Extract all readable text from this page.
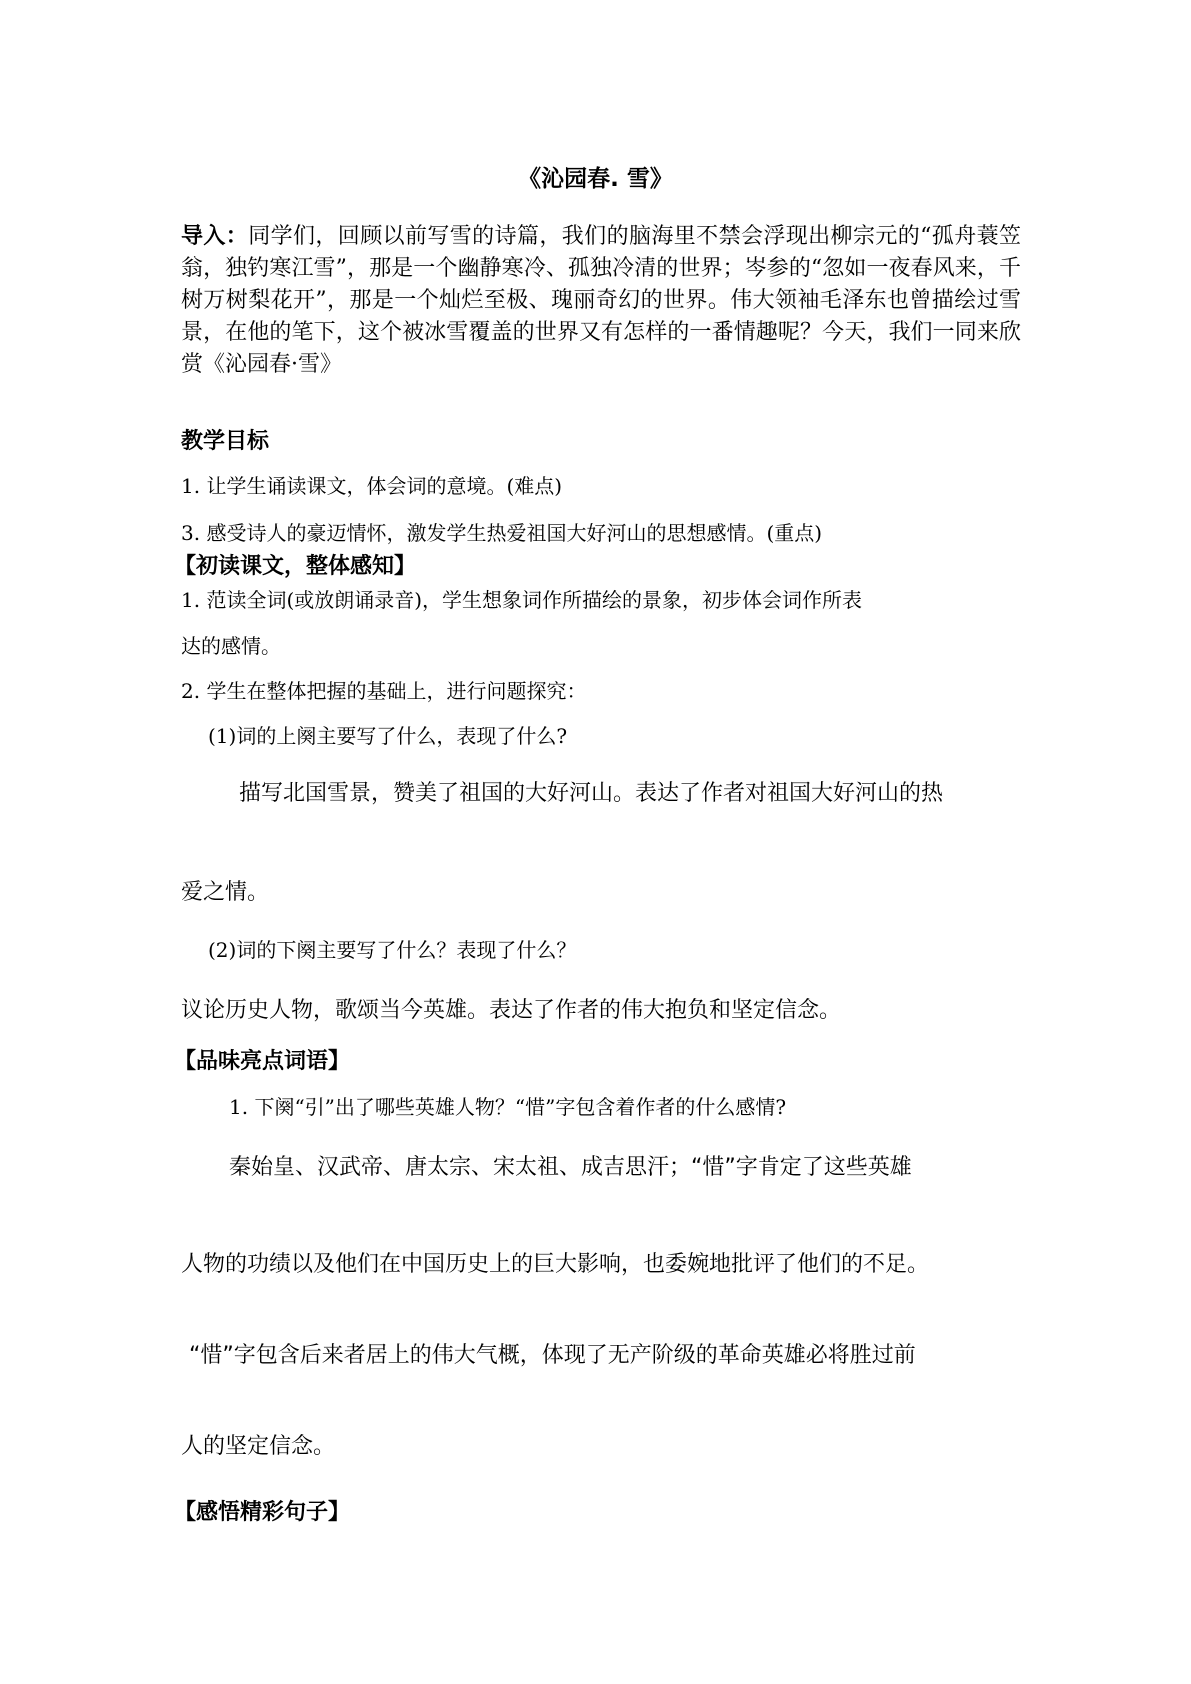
《沁园春. 雪》

导入：同学们，回顾以前写雪的诗篇，我们的脑海里不禁会浮现出柳宗元的“孤舟蓑笠翁，独钓寒江雪”，那是一个幽静寒冷、孤独冷清的世界；岑参的“忽如一夜春风来，千树万树梨花开”，那是一个灿烂至极、瑰丽奇幻的世界。伟大领袖毛泽东也曾描绘过雪景，在他的笔下，这个被冰雪覆盖的世界又有怎样的一番情趣呢？今天，我们一同来欣赏《沁园春·雪》

教学目标

1. 让学生诵读课文，体会词的意境。(难点)

3. 感受诗人的豪迈情怀，激发学生热爱祖国大好河山的思想感情。(重点)

【初读课文，整体感知】

1. 范读全词(或放朗诵录音)，学生想象词作所描绘的景象，初步体会词作所表

达的感情。

2. 学生在整体把握的基础上，进行问题探究：

(1)词的上阕主要写了什么，表现了什么?

描写北国雪景，赞美了祖国的大好河山。表达了作者对祖国大好河山的热

爱之情。

(2)词的下阕主要写了什么？表现了什么？

议论历史人物，歌颂当今英雄。表达了作者的伟大抱负和坚定信念。

【品味亮点词语】

1. 下阕“引”出了哪些英雄人物？“惜”字包含着作者的什么感情?

秦始皇、汉武帝、唐太宗、宋太祖、成吉思汗；“惜”字肯定了这些英雄

人物的功绩以及他们在中国历史上的巨大影响，也委婉地批评了他们的不足。

“惜”字包含后来者居上的伟大气概，体现了无产阶级的革命英雄必将胜过前

人的坚定信念。

【感悟精彩句子】
